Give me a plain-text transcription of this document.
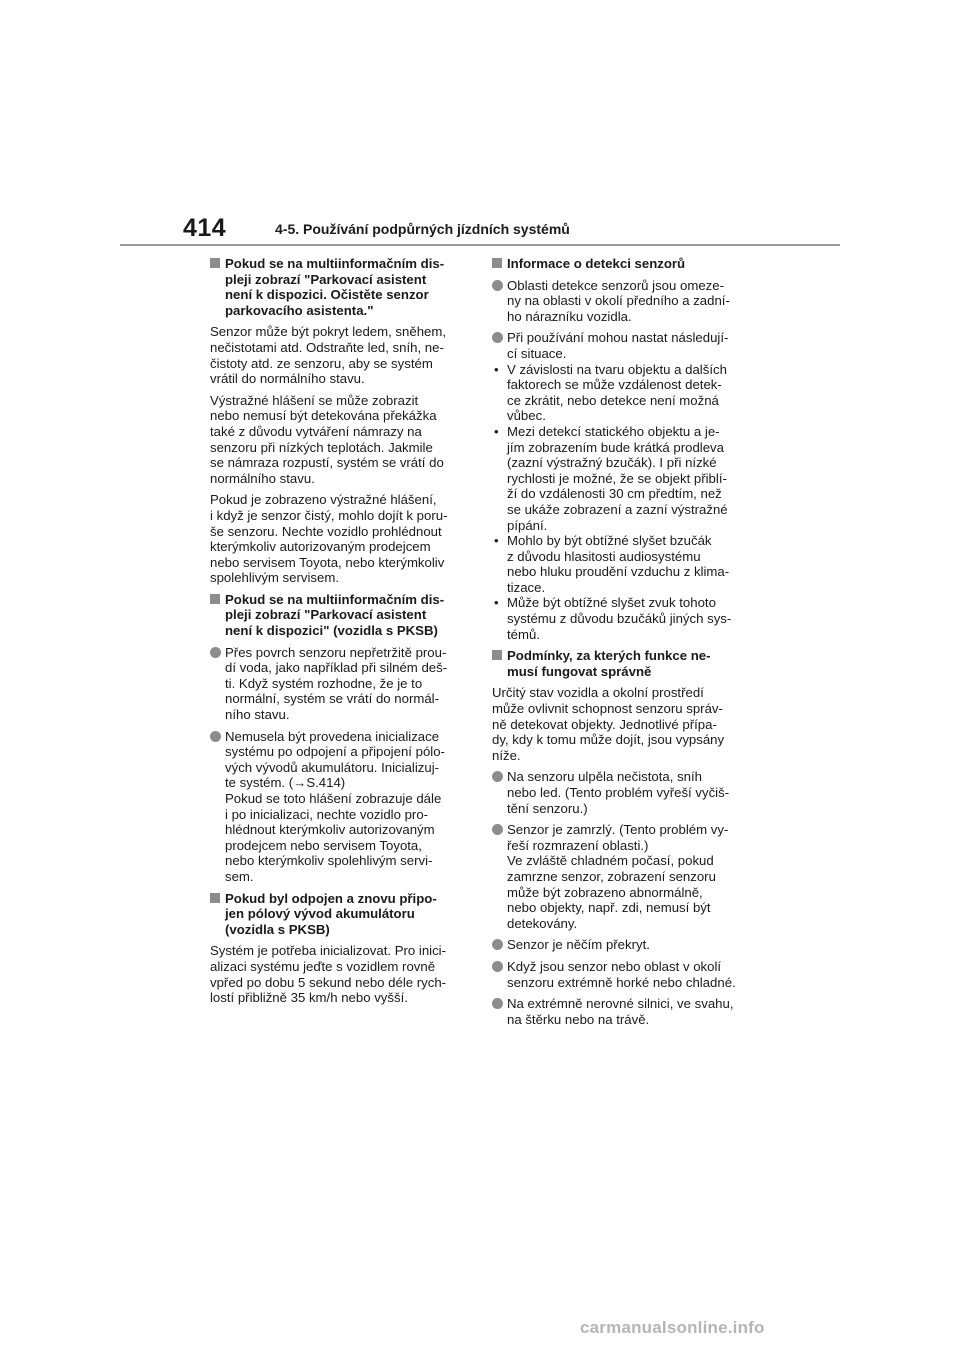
414	4-5. Používání podpůrných jízdních systémů
Pokud se na multiinformačním dis-
pleji zobrazí "Parkovací asistent
není k dispozici. Očistěte senzor
parkovacího asistenta."
Senzor může být pokryt ledem, sněhem,
nečistotami atd. Odstraňte led, sníh, ne-
čistoty atd. ze senzoru, aby se systém
vrátil do normálního stavu.
Výstražné hlášení se může zobrazit
nebo nemusí být detekována překážka
také z důvodu vytváření námrazy na
senzoru při nízkých teplotách. Jakmile
se námraza rozpustí, systém se vrátí do
normálního stavu.
Pokud je zobrazeno výstražné hlášení,
i když je senzor čistý, mohlo dojít k poru-
še senzoru. Nechte vozidlo prohlédnout
kterýmkoliv autorizovaným prodejcem
nebo servisem Toyota, nebo kterýmkoliv
spolehlivým servisem.
Pokud se na multiinformačním dis-
pleji zobrazí "Parkovací asistent
není k dispozici" (vozidla s PKSB)
Přes povrch senzoru nepřetržitě prou-
dí voda, jako například při silném deš-
ti. Když systém rozhodne, že je to
normální, systém se vrátí do normál-
ního stavu.
Nemusela být provedena inicializace
systému po odpojení a připojení pólo-
vých vývodů akumulátoru. Inicializuj-
te systém. (→S.414)
Pokud se toto hlášení zobrazuje dále
i po inicializaci, nechte vozidlo pro-
hlédnout kterýmkoliv autorizovaným
prodejcem nebo servisem Toyota,
nebo kterýmkoliv spolehlivým servi-
sem.
Pokud byl odpojen a znovu připo-
jen pólový vývod akumulátoru
(vozidla s PKSB)
Systém je potřeba inicializovat. Pro inici-
alizaci systému jeďte s vozidlem rovně
vpřed po dobu 5 sekund nebo déle rych-
lostí přibližně 35 km/h nebo vyšší.
Informace o detekci senzorů
Oblasti detekce senzorů jsou omeze-
ny na oblasti v okolí předního a zadní-
ho nárazníku vozidla.
Při používání mohou nastat následují-
cí situace.
• V závislosti na tvaru objektu a dalších
faktorech se může vzdálenost detek-
ce zkrátit, nebo detekce není možná
vůbec.
• Mezi detekcí statického objektu a je-
jím zobrazením bude krátká prodleva
(zazní výstražný bzučák). I při nízké
rychlosti je možné, že se objekt přiblí-
ží do vzdálenosti 30 cm předtím, než
se ukáže zobrazení a zazní výstražné
pípání.
• Mohlo by být obtížné slyšet bzučák
z důvodu hlasitosti audiosystému
nebo hluku proudění vzduchu z klima-
tizace.
• Může být obtížné slyšet zvuk tohoto
systému z důvodu bzučáků jiných sys-
témů.
Podmínky, za kterých funkce ne-
musí fungovat správně
Určitý stav vozidla a okolní prostředí
může ovlivnit schopnost senzoru správ-
ně detekovat objekty. Jednotlivé přípa-
dy, kdy k tomu může dojít, jsou vypsány
níže.
Na senzoru ulpěla nečistota, sníh
nebo led. (Tento problém vyřeší vyčiš-
tění senzoru.)
Senzor je zamrzlý. (Tento problém vy-
řeší rozmrazení oblasti.)
Ve zvláště chladném počasí, pokud
zamrzne senzor, zobrazení senzoru
může být zobrazeno abnormálně,
nebo objekty, např. zdi, nemusí být
detekovány.
Senzor je něčím překryt.
Když jsou senzor nebo oblast v okolí
senzoru extrémně horké nebo chladné.
Na extrémně nerovné silnici, ve svahu,
na štěrku nebo na trávě.
carmanualsonline.info
